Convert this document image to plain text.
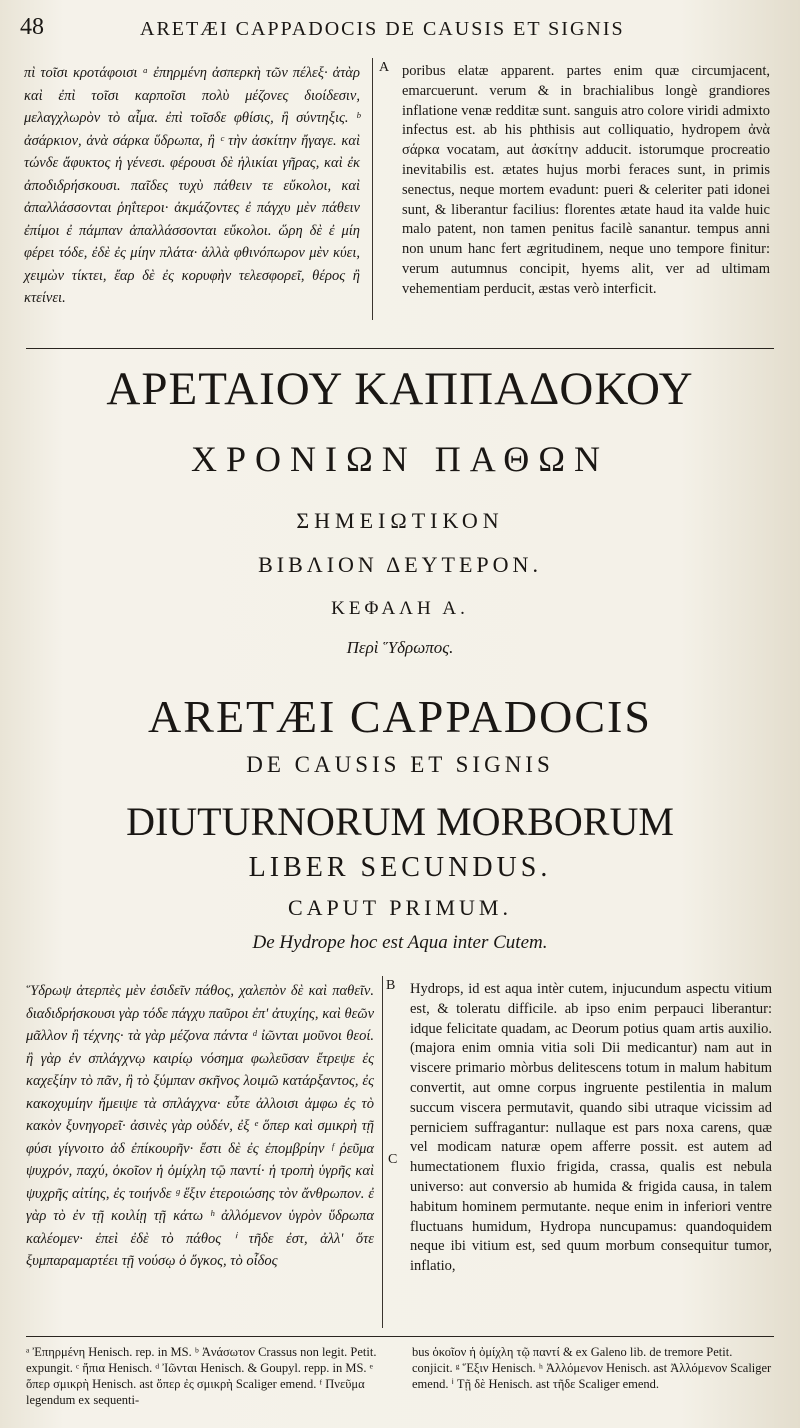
48	ARETÆI CAPPADOCIS DE CAUSIS ET SIGNIS

πὶ τοῖσι κροτάφοισι ᵃ ἐπηρμένη ἀσπερκὴ τῶν πέλεξ· ἀτὰρ καὶ ἐπὶ τοῖσι καρποῖσι πολὺ μέζονες διοίδεσιν, μελαγχλωρὸν τὸ αἷμα. ἐπὶ τοῖσδε φθίσις, ἢ σύντηξις. ᵇ ἀσάρκιον, ἀνὰ σάρκα ὕδρωπα, ἢ ᶜ τὴν ἀσκίτην ἤγαγε. καὶ τώνδε ἄφυκτος ἡ γένεσι. φέρουσι δὲ ἡλικίαι γῆρας, καὶ ἐκ ἀποδιδρήσκουσι. παῖδες τυχὺ πάθειν τε εὔκολοι, καὶ ἀπαλλάσσονται ῥηΐτεροι· ἀκμάζοντες ἐ πάγχυ μὲν πάθειν ἐπίμοι ἐ πάμπαν ἀπαλλάσσονται εὔκολοι. ὥρη δὲ ἐ μίη φέρει τόδε, ἐδὲ ἐς μίην πλάτα· ἀλλὰ φθινόπωρον μὲν κύει, χειμὼν τίκτει, ἔαρ δὲ ἐς κορυφὴν τελεσφορεῖ, θέρος ἢ κτείνει.

A poribus elatæ apparent. partes enim quæ circumjacent, emarcuerunt. verum & in brachialibus longè grandiores inflatione venæ redditæ sunt. sanguis atro colore viridi admixto infectus est. ab his phthisis aut colliquatio, hydropem ἀνὰ σάρκα vocatam, aut ἀσκίτην adducit. istorumque procreatio inevitabilis est. ætates hujus morbi feraces sunt, in primis senectus, neque mortem evadunt: pueri & celeriter pati idonei sunt, & liberantur facilius: florentes ætate haud ita valde huic malo patent, non tamen penitus facilè sanantur. tempus anni non unum hanc fert ægritudinem, neque uno tempore finitur: verum autumnus concipit, hyems alit, ver ad ultimam vehementiam perducit, æstas verò interficit.

ΑΡΕΤΑΙΟΥ ΚΑΠΠΑΔΟΚΟΥ
ΧΡΟΝΙΩΝ ΠΑΘΩΝ
ΣΗΜΕΙΩΤΙΚΟΝ
ΒΙΒΛΙΟΝ ΔΕΥΤΕΡΟΝ.
ΚΕΦΑΛΗ Α.
Περὶ Ὕδρωπος.
ARETÆI CAPPADOCIS
DE CAUSIS ET SIGNIS
DIUTURNORUM MORBORUM
LIBER SECUNDUS.
CAPUT PRIMUM.
De Hydrope hoc est Aqua inter Cutem.

Ὕδρωψ ἀτερπὲς μὲν ἐσιδεῖν πάθος, χαλεπὸν δὲ καὶ παθεῖν. διαδιδρήσκουσι γὰρ τόδε πάγχυ παῦροι ἐπ' ἀτυχίης, καὶ θεῶν μᾶλλον ἢ τέχνης· τὰ γὰρ μέζονα πάντα ᵈ ἰῶνται μοῦνοι θεοί. ἢ γὰρ ἐν σπλάγχνῳ καιρίῳ νόσημα φωλεῦσαν ἔτρεψε ἐς καχεξίην τὸ πᾶν, ἢ τὸ ξύμπαν σκῆνος λοιμῶ κατάρξαντος, ἐς κακοχυμίην ἤμειψε τὰ σπλάγχνα· εὖτε ἀλλοισι ἀμφω ἐς τὸ κακὸν ξυνηγορεῖ· ἀσινὲς γὰρ οὐδέν, ἐξ ᵉ ὅπερ καὶ σμικρὴ τῇ φύσι γίγνοιτο ἀδ ἐπίκουρῆν· ἔστι δὲ ἐς ἐπομβρίην ᶠ ῥεῦμα ψυχρόν, παχύ, ὁκοῖον ἡ ὀμίχλη τῷ παντί· ἡ τροπὴ ὑγρῆς καὶ ψυχρῆς αἰτίης, ἐς τοιήνδε ᵍ ἕξιν ἑτεροιώσης τὸν ἄνθρωπον. ἐ γὰρ τὸ ἐν τῇ κοιλίῃ τῇ κάτω ʰ ἀλλόμενον ὑγρὸν ὕδρωπα καλέομεν· ἐπεὶ ἐδὲ τὸ πάθος ⁱ τῆδε ἐστ, ἀλλ' ὅτε ξυμπαραμαρτέει τῇ νούσῳ ὁ ὄγκος, τὸ οἶδος

B
C

Hydrops, id est aqua intèr cutem, injucundum aspectu vitium est, & toleratu difficile. ab ipso enim perpauci liberantur: idque felicitate quadam, ac Deorum potius quam artis auxilio. (majora enim omnia vitia soli Dii medicantur) nam aut in viscere primario mòrbus delitescens totum in malum habitum convertit, aut omne corpus ingruente pestilentia in malum succum viscera permutavit, quando sibi utraque vicissim ad perniciem suffragantur: nullaque est pars noxa carens, quæ vel modicam naturæ opem afferre possit. est autem ad humectationem fluxio frigida, crassa, qualis est nebula universo: aut conversio ab humida & frigida causa, in talem habitum hominem permutante. neque enim in inferiori ventre fluctuans humidum, Hydropa nuncupamus: quandoquidem neque ibi vitium est, sed quum morbum consequitur tumor, inflatio,

ᵃ Ἐπηρμένη Henisch. rep. in MS. ᵇ Ἀνάσωτον Crassus non legit. Petit. expungit. ᶜ ἤπια Henisch. ᵈ Ἰῶνται Henisch. & Goupyl. repp. in MS. ᵉ ὅπερ σμικρὴ Henisch. ast ὅπερ ἐς σμικρὴ Scaliger emend. ᶠ Πνεῦμα legendum ex sequenti-
bus ὁκοῖον ἡ ὀμίχλη τῷ παντί & ex Galeno lib. de tremore Petit. conjicit. ᵍ Ἕξιν Henisch. ʰ Ἀλλόμενον Henisch. ast Ἀλλόμενον Scaliger emend. ⁱ Τῇ δὲ Henisch. ast τῆδε Scaliger emend.
